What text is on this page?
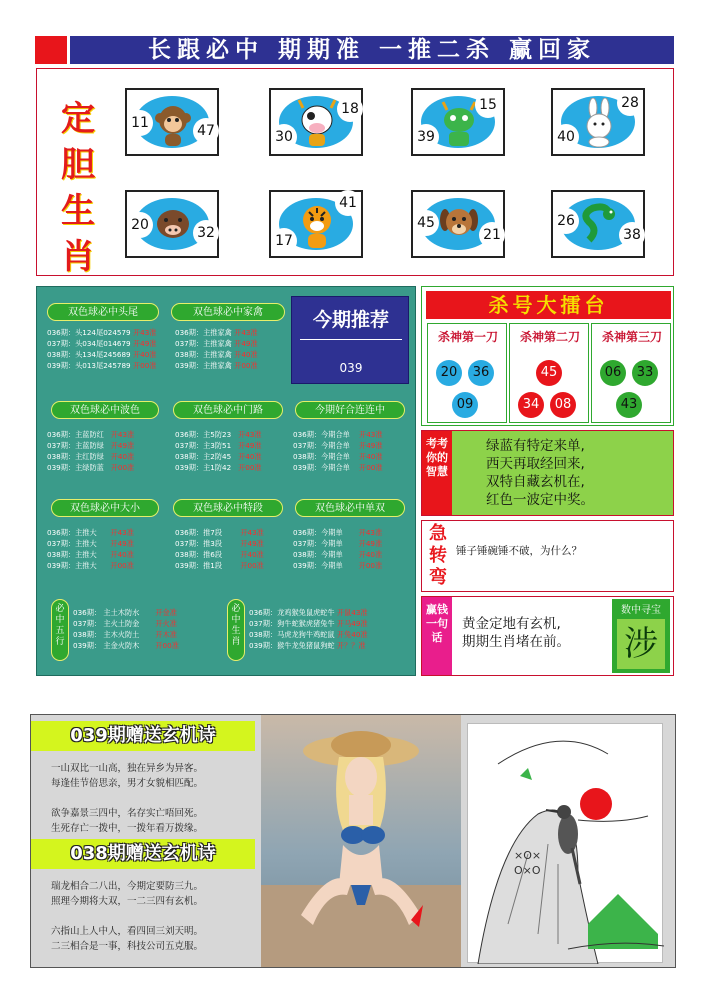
长跟必中 期期准 一推二杀 赢回家
定
胆
生
肖
11	47	30
18
39
15
40
28
20	32	17
41
45
21
26
38
双色球必中头尾
036期：头124尾024579 开43准
037期：头034尾014679 开49准
038期：头134尾245689 开40准
039期：头013尾245789 开00准
双色球必中家禽
036期：主推家禽 开43准
037期：主推家禽 开49准
038期：主推家禽 开40准
039期：主推家禽 开00准
双色球必中波色
036期：主蓝防红 开43准
037期：主蓝防绿 开49准
038期：主红防绿 开40准
039期：主绿防蓝 开00准
双色球必中门路
036期：主5防23 开43准
037期：主3防51 开49准
038期：主2防45 开40准
039期：主1防42 开00准
今期好合连连中
036期：今期合单 开43准
037期：今期合单 开49准
038期：今期合单 开40准
039期：今期合单 开00准
双色球必中大小
036期：主推大 开43准
037期：主推大 开49准
038期：主推大 开40准
039期：主推大 开00准
双色球必中特段
036期：推7段	开43准
037期：推3段	开49准
038期：推6段	开40准
039期：推1段	开00准
双色球必中单双
036期：今期单 开43准
037期：今期单 开49准
038期：今期单 开40准
039期：今期单 开00准
必中五行
036期： 主土木防水 开金准
037期： 主火土防金 开火准
038期： 主木火防土 开木准
039期： 主金火防木 开00准
必中生肖
036期：龙鸡猴兔鼠虎蛇牛 开鼠43准
037期：狗牛蛇猴虎猪兔牛 开马49准
038期：马虎龙狗牛鸡蛇鼠 开兔40准
039期：猴牛龙兔猪鼠狗蛇 开？？准
今期推荐
039
杀号大擂台
杀神第一刀
20	36
09
杀神第二刀
45
34	08
杀神第三刀
06	33
43
考考你的智慧
绿蓝有特定来单,
西天再取经回来,
双特自藏玄机在,
红色一波定中奖。
急转弯
锤子锤碗锤不破，为什么？
赢钱一句话
黄金定地有玄机,
期期生肖堵在前。
数中寻宝
涉
039期赠送玄机诗
一山双比一山高，独在异乡为异客。
每逢佳节倍思亲，男才女貌相匹配。

欲争嘉景三四中，名存实亡唔回死。
生死存亡一拨中，一拨年看万拨缘。
038期赠送玄机诗
瑞龙相合二八出，今期定要防三九。
照理今期将大双，一二三四有玄机。

六指山上人中人，看四回三刘天明。
二三相合是一事，科技公司五克服。
×O×
O×O
